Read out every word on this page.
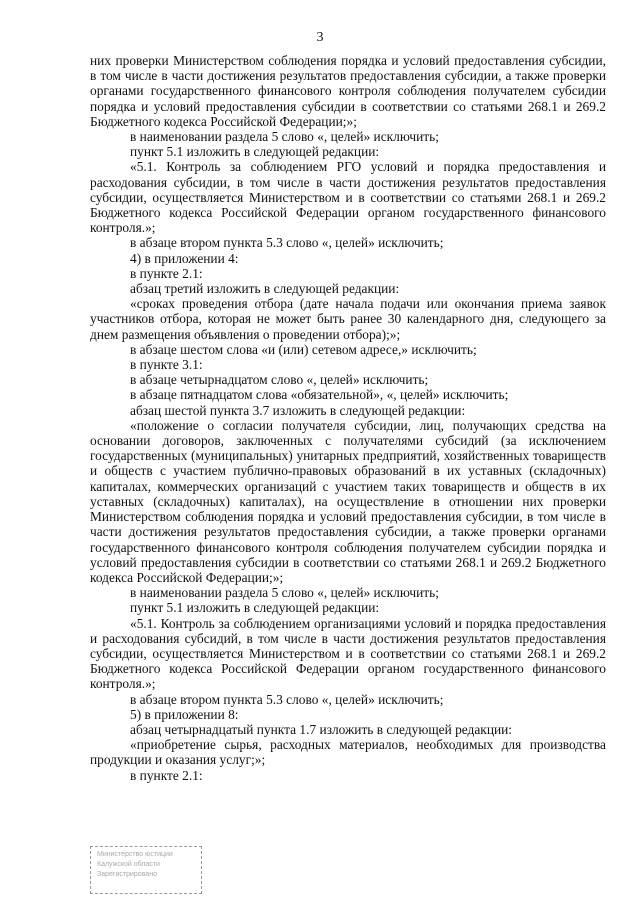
3

них проверки Министерством соблюдения порядка и условий предоставления субсидии, в том числе в части достижения результатов предоставления субсидии, а также проверки органами государственного финансового контроля соблюдения получателем субсидии порядка и условий предоставления субсидии в соответствии со статьями 268.1 и 269.2 Бюджетного кодекса Российской Федерации;»;

в наименовании раздела 5 слово «, целей» исключить;

пункт 5.1 изложить в следующей редакции:

«5.1. Контроль за соблюдением РГО условий и порядка предоставления и расходования субсидии, в том числе в части достижения результатов предоставления субсидии, осуществляется Министерством и в соответствии со статьями 268.1 и 269.2 Бюджетного кодекса Российской Федерации органом государственного финансового контроля.»;

в абзаце втором пункта 5.3 слово «, целей» исключить;

4) в приложении 4:

в пункте 2.1:

абзац третий изложить в следующей редакции:

«сроках проведения отбора (дате начала подачи или окончания приема заявок участников отбора, которая не может быть ранее 30 календарного дня, следующего за днем размещения объявления о проведении отбора);»;

в абзаце шестом слова «и (или) сетевом адресе,» исключить;

в пункте 3.1:

в абзаце четырнадцатом слово «, целей» исключить;

в абзаце пятнадцатом слова «обязательной», «, целей» исключить;

абзац шестой пункта 3.7 изложить в следующей редакции:

«положение о согласии получателя субсидии, лиц, получающих средства на основании договоров, заключенных с получателями субсидий (за исключением государственных (муниципальных) унитарных предприятий, хозяйственных товариществ и обществ с участием публично-правовых образований в их уставных (складочных) капиталах, коммерческих организаций с участием таких товариществ и обществ в их уставных (складочных) капиталах), на осуществление в отношении них проверки Министерством соблюдения порядка и условий предоставления субсидии, в том числе в части достижения результатов предоставления субсидии, а также проверки органами государственного финансового контроля соблюдения получателем субсидии порядка и условий предоставления субсидии в соответствии со статьями 268.1 и 269.2 Бюджетного кодекса Российской Федерации;»;

в наименовании раздела 5 слово «, целей» исключить;

пункт 5.1 изложить в следующей редакции:

«5.1. Контроль за соблюдением организациями условий и порядка предоставления и расходования субсидий, в том числе в части достижения результатов предоставления субсидии, осуществляется Министерством и в соответствии со статьями 268.1 и 269.2 Бюджетного кодекса Российской Федерации органом государственного финансового контроля.»;

в абзаце втором пункта 5.3 слово «, целей» исключить;

5) в приложении 8:

абзац четырнадцатый пункта 1.7 изложить в следующей редакции:

«приобретение сырья, расходных материалов, необходимых для производства продукции и оказания услуг;»;

в пункте 2.1:

Министерство юстиции
Калужской области
Зарегистрировано
